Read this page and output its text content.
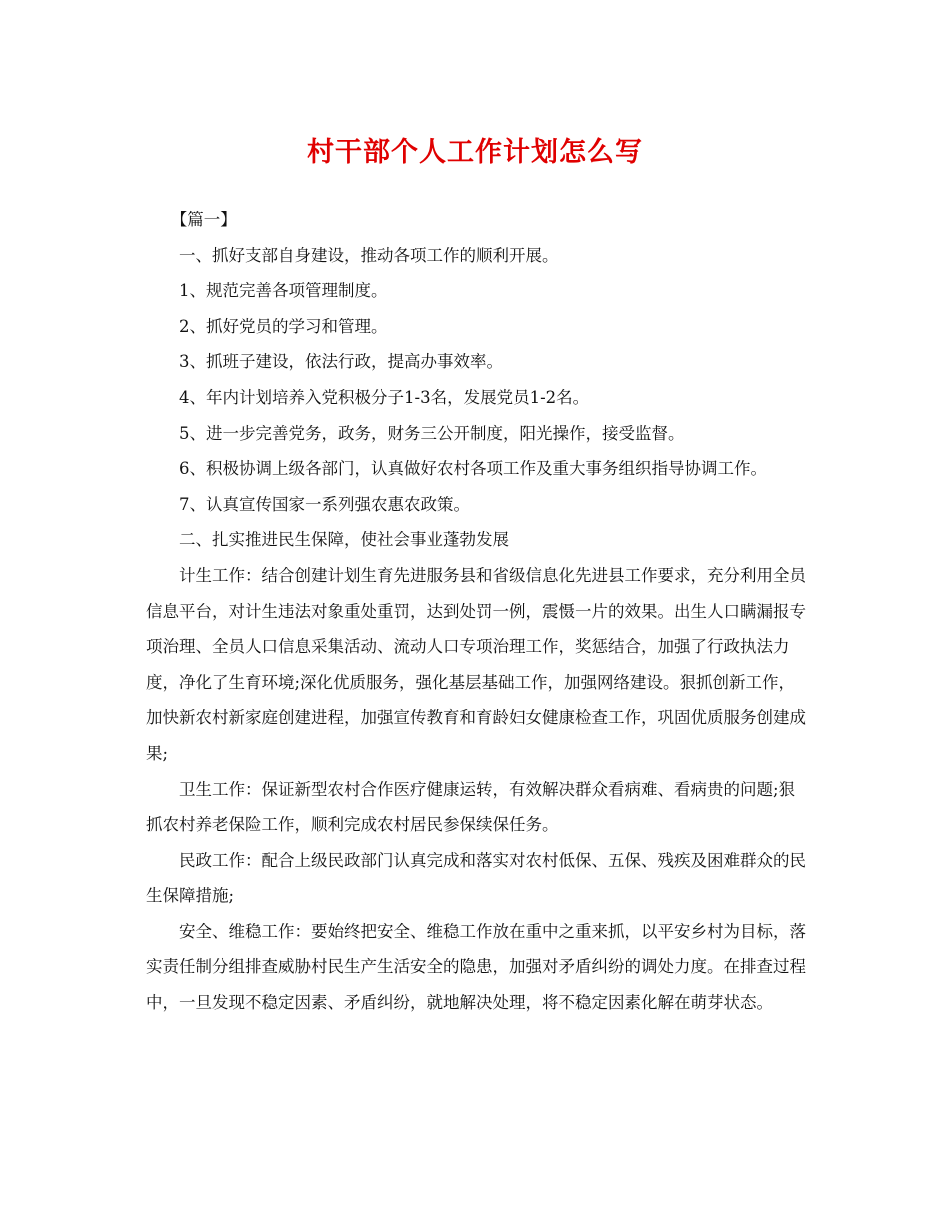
村干部个人工作计划怎么写

【篇一】

一、抓好支部自身建设，推动各项工作的顺利开展。

1、规范完善各项管理制度。

2、抓好党员的学习和管理。

3、抓班子建设，依法行政，提高办事效率。

4、年内计划培养入党积极分子1-3名，发展党员1-2名。

5、进一步完善党务，政务，财务三公开制度，阳光操作，接受监督。

6、积极协调上级各部门，认真做好农村各项工作及重大事务组织指导协调工作。

7、认真宣传国家一系列强农惠农政策。

二、扎实推进民生保障，使社会事业蓬勃发展

计生工作：结合创建计划生育先进服务县和省级信息化先进县工作要求，充分利用全员信息平台，对计生违法对象重处重罚，达到处罚一例，震慑一片的效果。出生人口瞒漏报专项治理、全员人口信息采集活动、流动人口专项治理工作，奖惩结合，加强了行政执法力度，净化了生育环境;深化优质服务，强化基层基础工作，加强网络建设。狠抓创新工作，加快新农村新家庭创建进程，加强宣传教育和育龄妇女健康检查工作，巩固优质服务创建成果;

卫生工作：保证新型农村合作医疗健康运转，有效解决群众看病难、看病贵的问题;狠抓农村养老保险工作，顺利完成农村居民参保续保任务。

民政工作：配合上级民政部门认真完成和落实对农村低保、五保、残疾及困难群众的民生保障措施;

安全、维稳工作：要始终把安全、维稳工作放在重中之重来抓，以平安乡村为目标，落实责任制分组排查威胁村民生产生活安全的隐患，加强对矛盾纠纷的调处力度。在排查过程中，一旦发现不稳定因素、矛盾纠纷，就地解决处理，将不稳定因素化解在萌芽状态。
